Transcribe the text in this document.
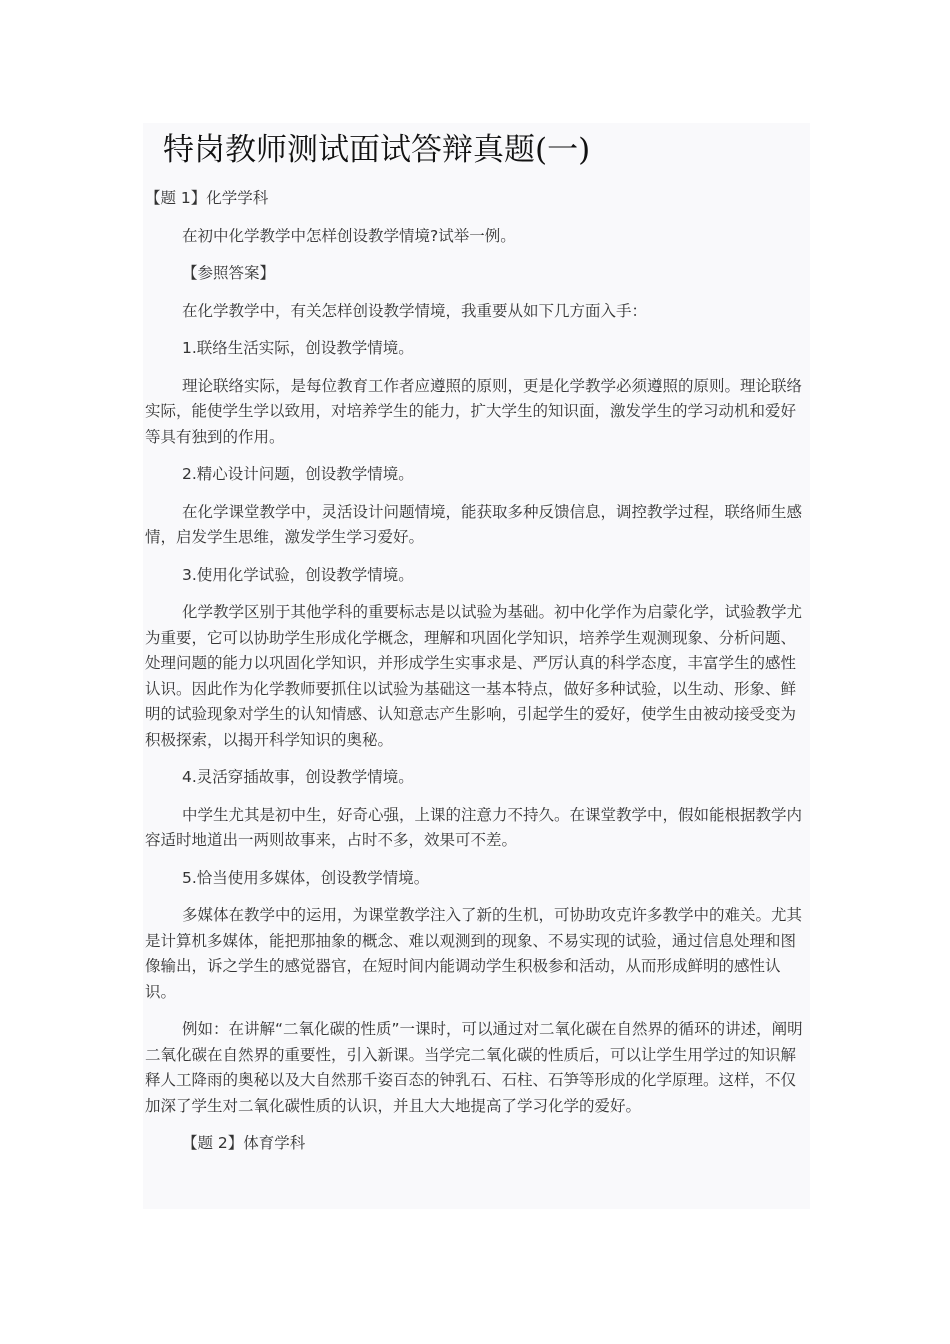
特岗教师测试面试答辩真题(一)

【题 1】化学学科

在初中化学教学中怎样创设教学情境?试举一例。

【参照答案】

在化学教学中，有关怎样创设教学情境，我重要从如下几方面入手：

1.联络生活实际，创设教学情境。

理论联络实际，是每位教育工作者应遵照的原则，更是化学教学必须遵照的原则。理论联络实际，能使学生学以致用，对培养学生的能力，扩大学生的知识面，激发学生的学习动机和爱好等具有独到的作用。

2.精心设计问题，创设教学情境。

在化学课堂教学中，灵活设计问题情境，能获取多种反馈信息，调控教学过程，联络师生感情，启发学生思维，激发学生学习爱好。

3.使用化学试验，创设教学情境。

化学教学区别于其他学科的重要标志是以试验为基础。初中化学作为启蒙化学，试验教学尤为重要，它可以协助学生形成化学概念，理解和巩固化学知识，培养学生观测现象、分析问题、处理问题的能力以巩固化学知识，并形成学生实事求是、严厉认真的科学态度，丰富学生的感性认识。因此作为化学教师要抓住以试验为基础这一基本特点，做好多种试验，以生动、形象、鲜明的试验现象对学生的认知情感、认知意志产生影响，引起学生的爱好，使学生由被动接受变为积极探索，以揭开科学知识的奥秘。

4.灵活穿插故事，创设教学情境。

中学生尤其是初中生，好奇心强，上课的注意力不持久。在课堂教学中，假如能根据教学内容适时地道出一两则故事来，占时不多，效果可不差。

5.恰当使用多媒体，创设教学情境。

多媒体在教学中的运用，为课堂教学注入了新的生机，可协助攻克许多教学中的难关。尤其是计算机多媒体，能把那抽象的概念、难以观测到的现象、不易实现的试验，通过信息处理和图像输出，诉之学生的感觉器官，在短时间内能调动学生积极参和活动，从而形成鲜明的感性认识。

例如：在讲解“二氧化碳的性质”一课时，可以通过对二氧化碳在自然界的循环的讲述，阐明二氧化碳在自然界的重要性，引入新课。当学完二氧化碳的性质后，可以让学生用学过的知识解释人工降雨的奥秘以及大自然那千姿百态的钟乳石、石柱、石笋等形成的化学原理。这样，不仅加深了学生对二氧化碳性质的认识，并且大大地提高了学习化学的爱好。

【题 2】体育学科
